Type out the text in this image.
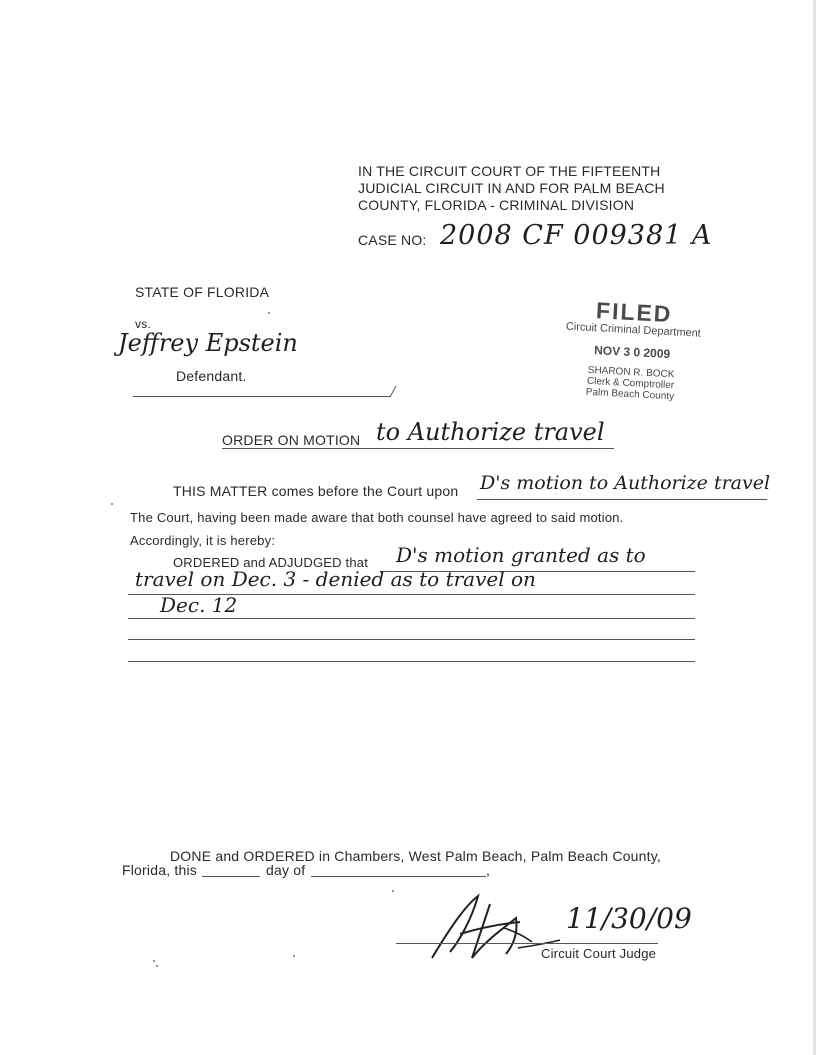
IN THE CIRCUIT COURT OF THE FIFTEENTH
JUDICIAL CIRCUIT IN AND FOR PALM BEACH
COUNTY, FLORIDA - CRIMINAL DIVISION
CASE NO: 2008 CF 009381 A
STATE OF FLORIDA
vs.
Jeffrey Epstein
Defendant.
FILED
Circuit Criminal Department
NOV 3 0 2009
SHARON R. BOCK
Clerk & Comptroller
Palm Beach County
ORDER ON MOTION to Authorize travel
THIS MATTER comes before the Court upon D's motion to Authorize travel
The Court, having been made aware that both counsel have agreed to said motion.
Accordingly, it is hereby:
ORDERED and ADJUDGED that D's motion granted as to
travel on Dec. 3 - denied as to travel on
Dec. 12
DONE and ORDERED in Chambers, West Palm Beach, Palm Beach County,
Florida, this	day of	,
11/30/09
Circuit Court Judge
